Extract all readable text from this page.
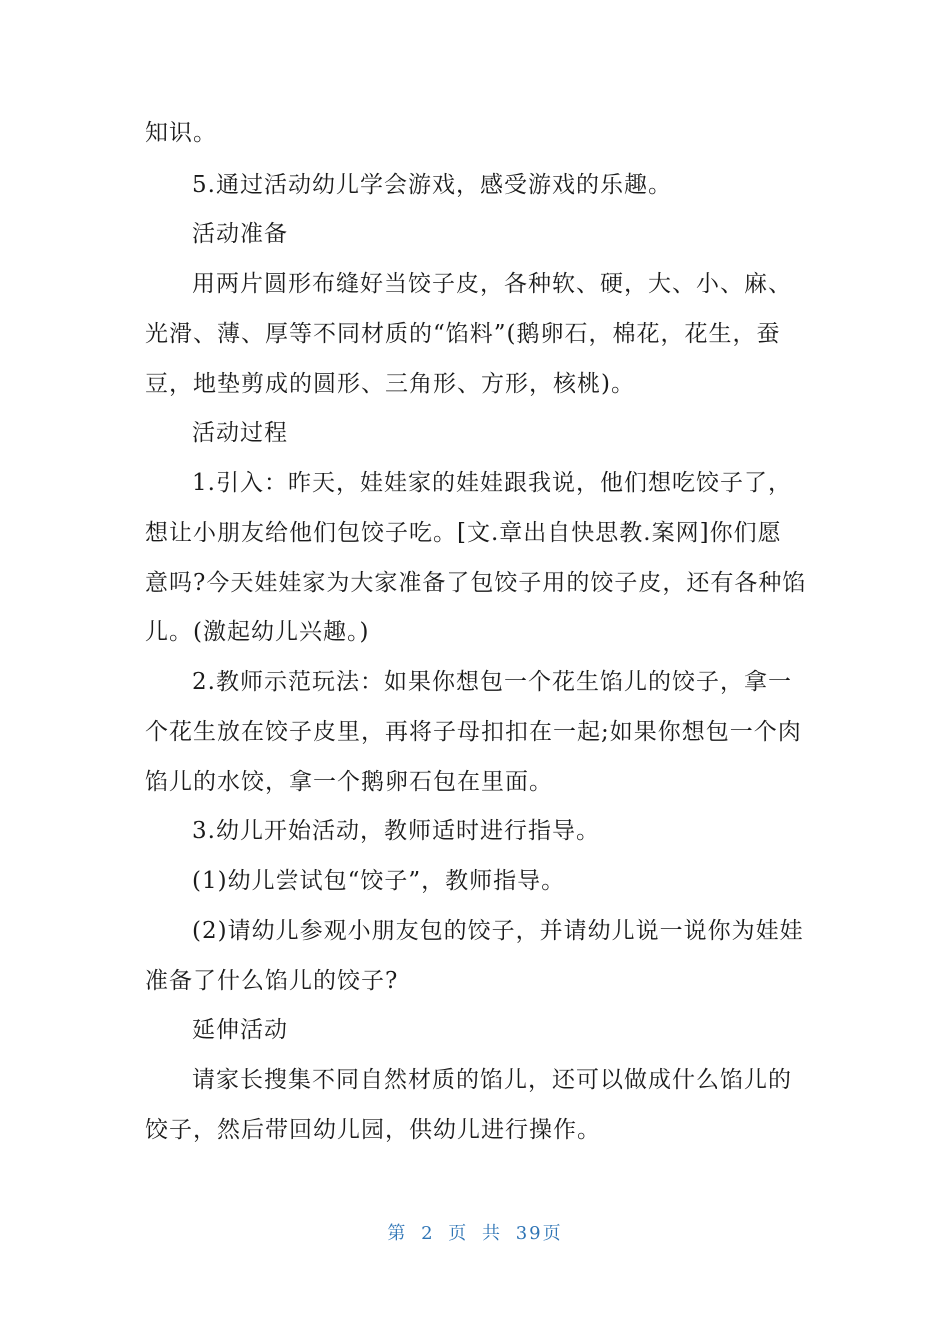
知识。
5.通过活动幼儿学会游戏，感受游戏的乐趣。
活动准备
用两片圆形布缝好当饺子皮，各种软、硬，大、小、麻、
光滑、薄、厚等不同材质的“馅料”(鹅卵石，棉花，花生，蚕
豆，地垫剪成的圆形、三角形、方形，核桃)。
活动过程
1.引入：昨天，娃娃家的娃娃跟我说，他们想吃饺子了，
想让小朋友给他们包饺子吃。[文.章出自快思教.案网]你们愿
意吗?今天娃娃家为大家准备了包饺子用的饺子皮，还有各种馅
儿。(激起幼儿兴趣。)
2.教师示范玩法：如果你想包一个花生馅儿的饺子，拿一
个花生放在饺子皮里，再将子母扣扣在一起;如果你想包一个肉
馅儿的水饺，拿一个鹅卵石包在里面。
3.幼儿开始活动，教师适时进行指导。
(1)幼儿尝试包“饺子”，教师指导。
(2)请幼儿参观小朋友包的饺子，并请幼儿说一说你为娃娃
准备了什么馅儿的饺子?
延伸活动
请家长搜集不同自然材质的馅儿，还可以做成什么馅儿的
饺子，然后带回幼儿园，供幼儿进行操作。
第 2 页 共 39页
